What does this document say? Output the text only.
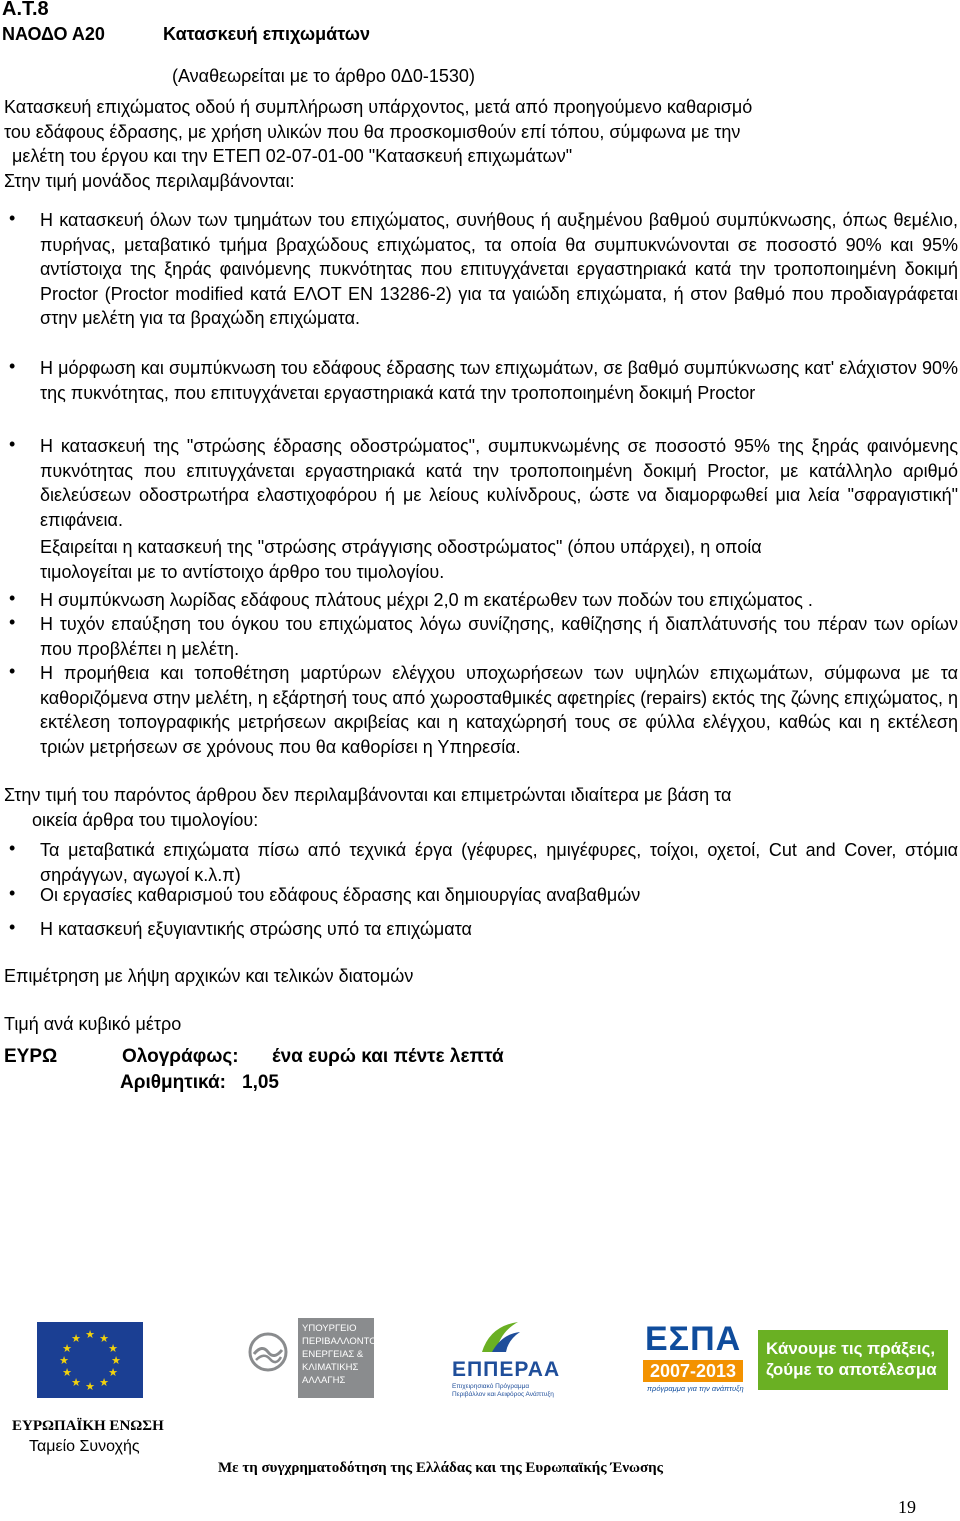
A.T.8
ΝΑΟΔΟ Α20	Κατασκευή επιχωμάτων
(Αναθεωρείται με το άρθρο 0Δ0-1530)
Κατασκευή επιχώματος οδού ή συμπλήρωση υπάρχοντος, μετά από προηγούμενο καθαρισμό
του εδάφους έδρασης, με χρήση υλικών που θα προσκομισθούν επί τόπου, σύμφωνα με την
μελέτη του έργου και την ΕΤΕΠ 02-07-01-00 "Κατασκευή επιχωμάτων"
Στην τιμή μονάδος περιλαμβάνονται:
• Η κατασκευή όλων των τμημάτων του επιχώματος, συνήθους ή αυξημένου βαθμού συμπύκνωσης, όπως θεμέλιο, πυρήνας, μεταβατικό τμήμα βραχώδους επιχώματος, τα οποία θα συμπυκνώνονται σε ποσοστό 90% και 95% αντίστοιχα της ξηράς φαινόμενης πυκνότητας που επιτυγχάνεται εργαστηριακά κατά την τροποποιημένη δοκιμή Proctor (Proctor modified κατά ΕΛΟΤ ΕΝ 13286-2) για τα γαιώδη επιχώματα, ή στον βαθμό που προδιαγράφεται στην μελέτη για τα βραχώδη επιχώματα.
• Η μόρφωση και συμπύκνωση του εδάφους έδρασης των επιχωμάτων, σε βαθμό συμπύκνωσης κατ' ελάχιστον 90% της πυκνότητας, που επιτυγχάνεται εργαστηριακά κατά την τροποποιημένη δοκιμή Proctor
• Η κατασκευή της "στρώσης έδρασης οδοστρώματος", συμπυκνωμένης σε ποσοστό 95% της ξηράς φαινόμενης πυκνότητας που επιτυγχάνεται εργαστηριακά κατά την τροποποιημένη δοκιμή Proctor, με κατάλληλο αριθμό διελεύσεων οδοστρωτήρα ελαστιχοφόρου ή με λείους κυλίνδρους, ώστε να διαμορφωθεί μια λεία "σφραγιστική" επιφάνεια.
Εξαιρείται η κατασκευή της "στρώσης στράγγισης οδοστρώματος" (όπου υπάρχει), η οποία
τιμολογείται με το αντίστοιχο άρθρο του τιμολογίου.
• Η συμπύκνωση λωρίδας εδάφους πλάτους μέχρι 2,0 m εκατέρωθεν των ποδών του επιχώματος .
• Η τυχόν επαύξηση του όγκου του επιχώματος λόγω συνίζησης, καθίζησης ή διαπλάτυνσής του πέραν των ορίων που προβλέπει η μελέτη.
• Η προμήθεια και τοποθέτηση μαρτύρων ελέγχου υποχωρήσεων των υψηλών επιχωμάτων, σύμφωνα με τα καθοριζόμενα στην μελέτη, η εξάρτησή τους από χωροσταθμικές αφετηρίες (repairs) εκτός της ζώνης επιχώματος, η εκτέλεση τοπογραφικής μετρήσεων ακριβείας και η καταχώρησή τους σε φύλλα ελέγχου, καθώς και η εκτέλεση τριών μετρήσεων σε χρόνους που θα καθορίσει η Υπηρεσία.
Στην τιμή του παρόντος άρθρου δεν περιλαμβάνονται και επιμετρώνται ιδιαίτερα με βάση τα
οικεία άρθρα του τιμολογίου:
• Τα μεταβατικά επιχώματα πίσω από τεχνικά έργα (γέφυρες, ημιγέφυρες, τοίχοι, οχετοί, Cut and Cover, στόμια σηράγγων, αγωγοί κ.λ.π)
• Οι εργασίες καθαρισμού του εδάφους έδρασης και δημιουργίας αναβαθμών
• Η κατασκευή εξυγιαντικής στρώσης υπό τα επιχώματα
Επιμέτρηση με λήψη αρχικών και τελικών διατομών
Τιμή ανά κυβικό μέτρο
ΕΥΡΩ	Ολογράφως: ένα ευρώ και πέντε λεπτά
Αριθμητικά: 1,05
★ ★
★
★
★
★
★
★
★
★
★
★
ΕΥΡΩΠΑΪΚΗ ΕΝΩΣΗ
Ταμείο Συνοχής
ΥΠΟΥΡΓΕΙΟ
ΠΕΡΙΒΑΛΛΟΝΤΟΣ
ΕΝΕΡΓΕΙΑΣ &
ΚΛΙΜΑΤΙΚΗΣ
ΑΛΛΑΓΗΣ	ΕΠΠΕΡΑΑ
Επιχειρησιακό Πρόγραμμα
Περιβάλλον και Αειφόρος Ανάπτυξη
ΕΣΠΑ
2007-2013
πρόγραμμα για την ανάπτυξη
Κάνουμε τις πράξεις,
ζούμε το αποτέλεσμα
Με τη συγχρηματοδότηση της Ελλάδας και της Ευρωπαϊκής Ένωσης
19
